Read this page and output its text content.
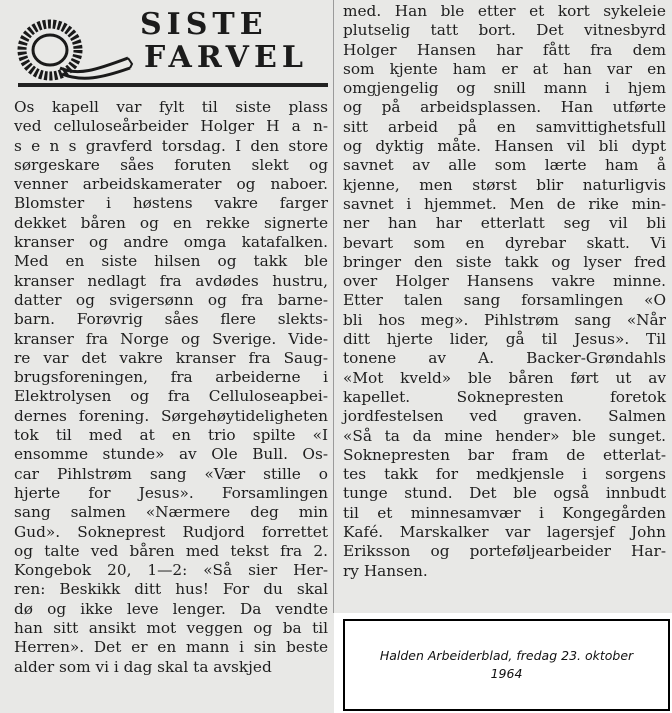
SISTE
FARVEL
Os kapell var fylt til siste plass
ved celluloseårbeider Holger H a n-
s e n s gravferd torsdag. I den store
sørgeskare såes foruten slekt og
venner arbeidskamerater og naboer.
Blomster i høstens vakre farger
dekket båren og en rekke signerte
kranser og andre omga katafalken.
Med en siste hilsen og takk ble
kranser nedlagt fra avdødes hustru,
datter og svigersønn og fra barne-
barn. Forøvrig såes flere slekts-
kranser fra Norge og Sverige. Vide-
re var det vakre kranser fra Saug-
brugsforeningen, fra arbeiderne i
Elektrolysen og fra Celluloseарbei-
dernes forening. Sørgehøytideligheten
tok til med at en trio spilte «I
ensomme stunde» av Ole Bull. Os-
car Pihlstrøm sang «Vær stille o
hjerte for Jesus». Forsamlingen
sang salmen «Nærmere deg min
Gud». Sokneprest Rudjord forrettet
og talte ved båren med tekst fra 2.
Kongebok 20, 1—2: «Så sier Her-
ren: Beskikk ditt hus! For du skal
dø og ikke leve lenger. Da vendte
han sitt ansikt mot veggen og ba til
Herren». Det er en mann i sin beste
alder som vi i dag skal ta avskjed
med. Han ble etter et kort sykeleie
plutselig tatt bort. Det vitnesbyrd
Holger Hansen har fått fra dem
som kjente ham er at han var en
omgjengelig og snill mann i hjem
og på arbeidsplassen. Han utførte
sitt arbeid på en samvittighetsfull
og dyktig måte. Hansen vil bli dypt
savnet av alle som lærte ham å
kjenne, men størst blir naturligvis
savnet i hjemmet. Men de rike min-
ner han har etterlatt seg vil bli
bevart som en dyrebar skatt. Vi
bringer den siste takk og lyser fred
over Holger Hansens vakre minne.
Etter talen sang forsamlingen «O
bli hos meg». Pihlstrøm sang «Når
ditt hjerte lider, gå til Jesus». Til
tonene av A. Backer-Grøndahls
«Mot kveld» ble båren ført ut av
kapellet. Soknepresten foretok
jordfestelsen ved graven. Salmen
«Så ta da mine hender» ble sunget.
Soknepresten bar fram de etterlat-
tes takk for medkjensle i sorgens
tunge stund. Det ble også innbudt
til et minnesamvær i Kongegården
Kafé. Marskalker var lagersjef John
Eriksson og porteføljearbeider Har-
ry Hansen.
Halden Arbeiderblad, fredag 23. oktober
1964
